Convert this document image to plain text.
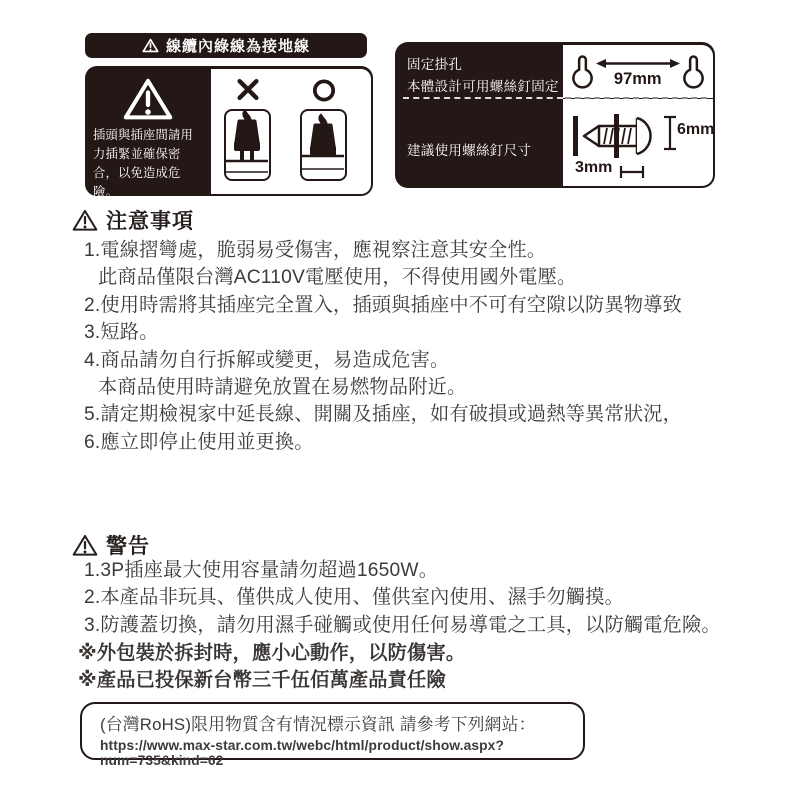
線纜內綠線為接地線
插頭與插座間請用力插緊並確保密合，以免造成危險。
97mm
6mm
3mm
固定掛孔
本體設計可用螺絲釘固定
建議使用螺絲釘尺寸
注意事項
1.電線摺彎處，脆弱易受傷害，應視察注意其安全性。
此商品僅限台灣AC110V電壓使用，不得使用國外電壓。
2.使用時需將其插座完全置入，插頭與插座中不可有空隙以防異物導致
3.短路。
4.商品請勿自行拆解或變更，易造成危害。
本商品使用時請避免放置在易燃物品附近。
5.請定期檢視家中延長線、開關及插座，如有破損或過熱等異常狀況，
6.應立即停止使用並更換。
警告
1.3P插座最大使用容量請勿超過1650W。
2.本產品非玩具、僅供成人使用、僅供室內使用、濕手勿觸摸。
3.防護蓋切換，請勿用濕手碰觸或使用任何易導電之工具，以防觸電危險。
※外包裝於拆封時，應小心動作，以防傷害。
※產品已投保新台幣三千伍佰萬產品責任險
(台灣RoHS)限用物質含有情況標示資訊 請參考下列網站：
https://www.max-star.com.tw/webc/html/product/show.aspx?num=735&kind=62
